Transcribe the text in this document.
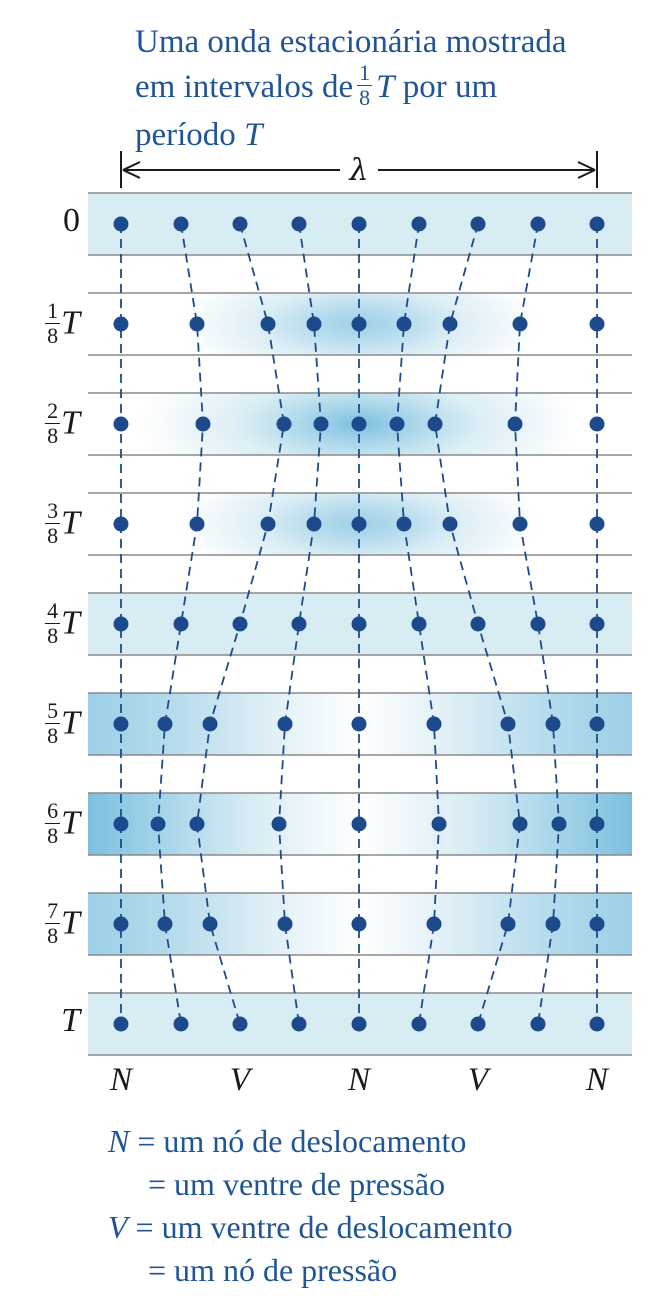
Uma onda estacionária mostrada
em intervalos de $\frac{1}{8}$ T por um
período T
λ
0
$\frac{1}{8}$ T
$\frac{2}{8}$ T
$\frac{3}{8}$ T
$\frac{4}{8}$ T
$\frac{5}{8}$ T
$\frac{6}{8}$ T
$\frac{7}{8}$ T
T
N	V	N	V	N
N = um nó de deslocamento
= um ventre de pressão
V = um ventre de deslocamento
= um nó de pressão
